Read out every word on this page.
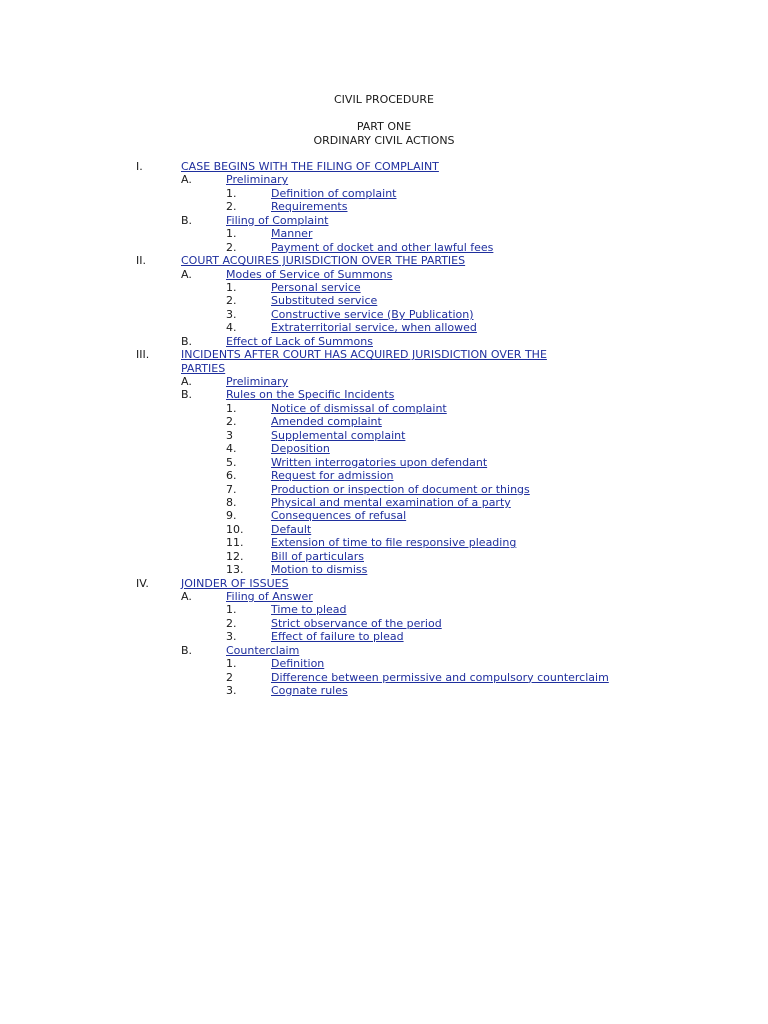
CIVIL PROCEDURE
PART ONE
ORDINARY CIVIL ACTIONS
I.	CASE BEGINS WITH THE FILING OF COMPLAINT
A.	Preliminary
1.	Definition of complaint
2.	Requirements
B.	Filing of Complaint
1.	Manner
2.	Payment of docket and other lawful fees
II.	COURT ACQUIRES JURISDICTION OVER THE PARTIES
A.	Modes of Service of Summons
1.	Personal service
2.	Substituted service
3.	Constructive service (By Publication)
4.	Extraterritorial service, when allowed
B.	Effect of Lack of Summons
III.	INCIDENTS AFTER COURT HAS ACQUIRED JURISDICTION OVER THE PARTIES
A.	Preliminary
B.	Rules on the Specific Incidents
1.	Notice of dismissal of complaint
2.	Amended complaint
3	Supplemental complaint
4.	Deposition
5.	Written interrogatories upon defendant
6.	Request for admission
7.	Production or inspection of document or things
8.	Physical and mental examination of a party
9.	Consequences of refusal
10.	Default
11.	Extension of time to file responsive pleading
12.	Bill of particulars
13.	Motion to dismiss
IV.	JOINDER OF ISSUES
A.	Filing of Answer
1.	Time to plead
2.	Strict observance of the period
3.	Effect of failure to plead
B.	Counterclaim
1.	Definition
2	Difference between permissive and compulsory counterclaim
3.	Cognate rules
